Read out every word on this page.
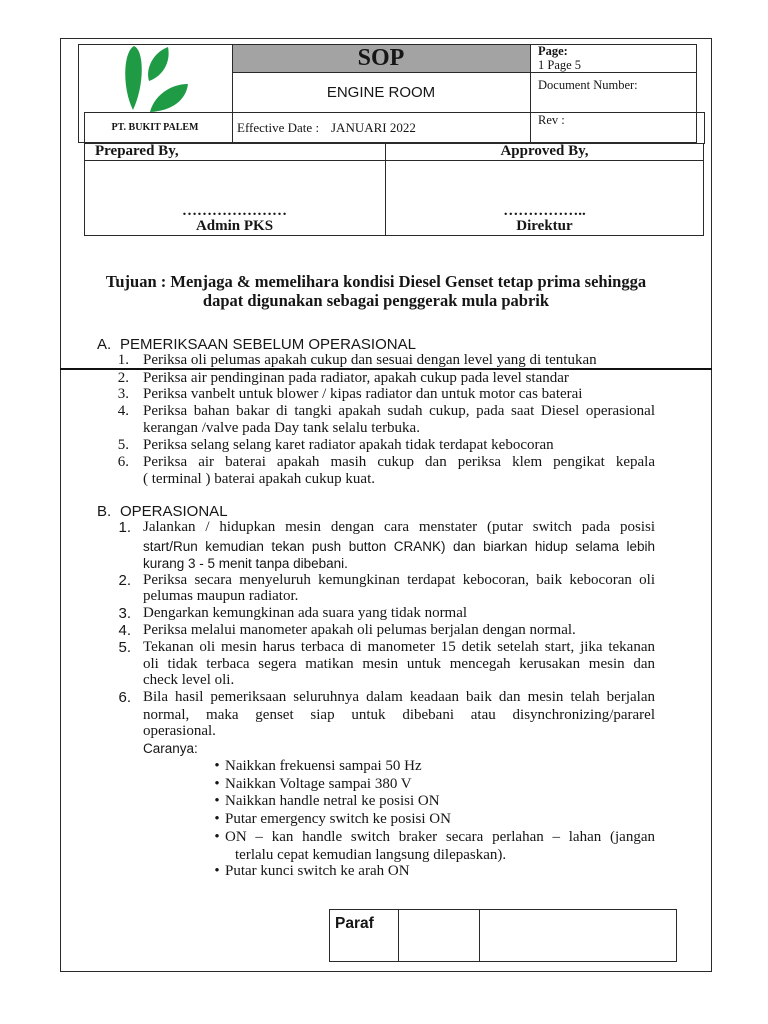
PT. BUKIT PALEM
SOP
ENGINE ROOM
Effective Date : JANUARI 2022
Page:
1 Page 5
Document Number:
Rev :
Prepared By,	Approved By,
…………………	……………..
Admin PKS	Direktur
Tujuan : Menjaga & memelihara kondisi Diesel Genset tetap prima sehingga
dapat digunakan sebagai penggerak mula pabrik
A. PEMERIKSAAN SEBELUM OPERASIONAL
1. Periksa oli pelumas apakah cukup dan sesuai dengan level yang di tentukan
2. Periksa air pendinginan pada radiator, apakah cukup pada level standar
3. Periksa vanbelt untuk blower / kipas radiator dan untuk motor cas baterai
4. Periksa bahan bakar di tangki apakah sudah cukup, pada saat Diesel operasional
kerangan /valve pada Day tank selalu terbuka.
5. Periksa selang selang karet radiator apakah tidak terdapat kebocoran
6. Periksa air baterai apakah masih cukup dan periksa klem pengikat kepala
( terminal ) baterai apakah cukup kuat.
B. OPERASIONAL
1. Jalankan / hidupkan mesin dengan cara menstater (putar switch pada posisi
start/Run kemudian tekan push button CRANK) dan biarkan hidup selama lebih
kurang 3 - 5 menit tanpa dibebani.
2. Periksa secara menyeluruh kemungkinan terdapat kebocoran, baik kebocoran oli
pelumas maupun radiator.
3. Dengarkan kemungkinan ada suara yang tidak normal
4. Periksa melalui manometer apakah oli pelumas berjalan dengan normal.
5. Tekanan oli mesin harus terbaca di manometer 15 detik setelah start, jika tekanan
oli tidak terbaca segera matikan mesin untuk mencegah kerusakan mesin dan
check level oli.
6. Bila hasil pemeriksaan seluruhnya dalam keadaan baik dan mesin telah berjalan
normal, maka genset siap untuk dibebani atau disynchronizing/pararel
operasional.
Caranya:
• Naikkan frekuensi sampai 50 Hz
• Naikkan Voltage sampai 380 V
• Naikkan handle netral ke posisi ON
• Putar emergency switch ke posisi ON
• ON – kan handle switch braker secara perlahan – lahan (jangan
terlalu cepat kemudian langsung dilepaskan).
• Putar kunci switch ke arah ON
Paraf
